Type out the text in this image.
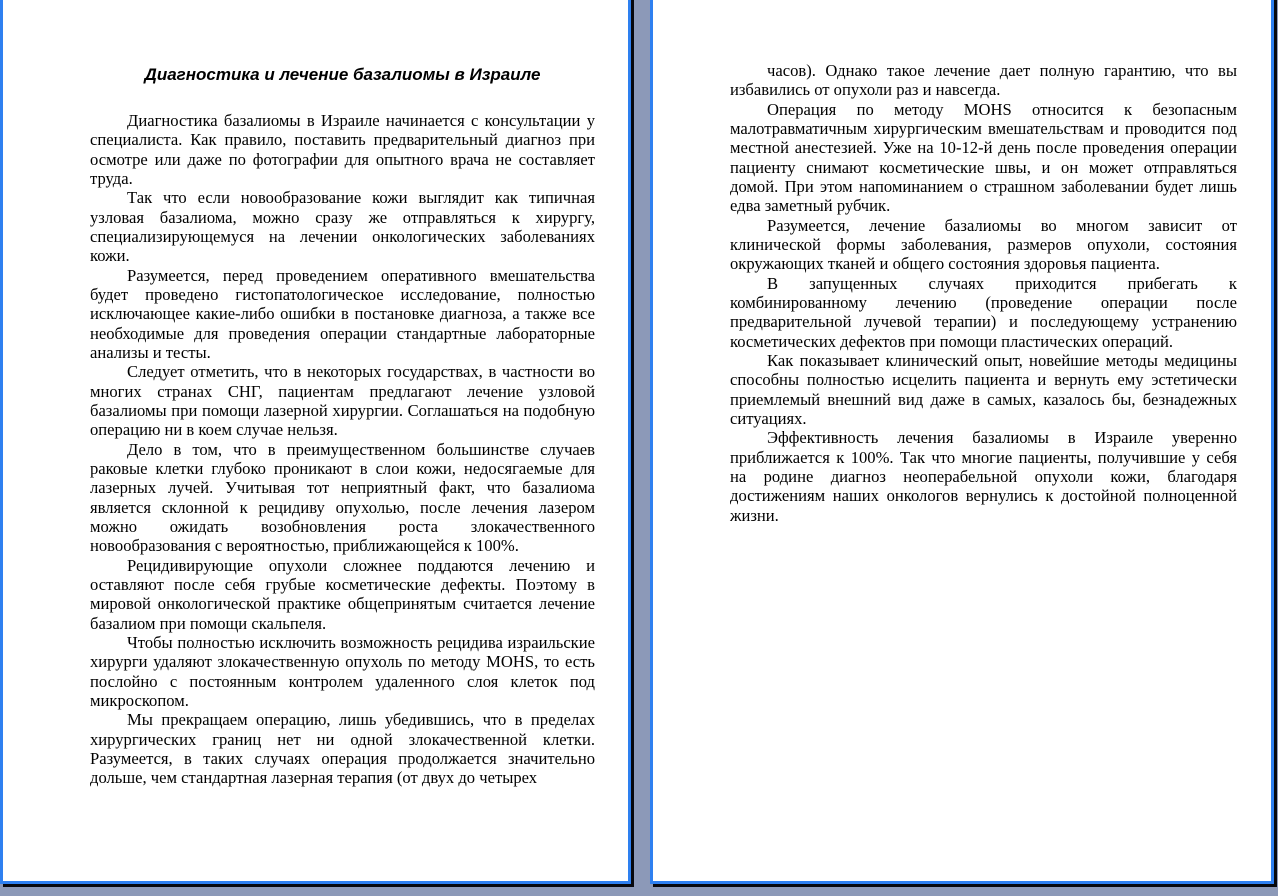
Диагностика и лечение базалиомы в Израиле

Диагностика базалиомы в Израиле начинается с консультации у специалиста. Как правило, поставить предварительный диагноз при осмотре или даже по фотографии для опытного врача не составляет труда.

Так что если новообразование кожи выглядит как типичная узловая базалиома, можно сразу же отправляться к хирургу, специализирующемуся на лечении онкологических заболеваниях кожи.

Разумеется, перед проведением оперативного вмешательства будет проведено гистопатологическое исследование, полностью исключающее какие-либо ошибки в постановке диагноза, а также все необходимые для проведения операции стандартные лабораторные анализы и тесты.

Следует отметить, что в некоторых государствах, в частности во многих странах СНГ, пациентам предлагают лечение узловой базалиомы при помощи лазерной хирургии. Соглашаться на подобную операцию ни в коем случае нельзя.

Дело в том, что в преимущественном большинстве случаев раковые клетки глубоко проникают в слои кожи, недосягаемые для лазерных лучей. Учитывая тот неприятный факт, что базалиома является склонной к рецидиву опухолью, после лечения лазером можно ожидать возобновления роста злокачественного новообразования с вероятностью, приближающейся к 100%.

Рецидивирующие опухоли сложнее поддаются лечению и оставляют после себя грубые косметические дефекты. Поэтому в мировой онкологической практике общепринятым считается лечение базалиом при помощи скальпеля.

Чтобы полностью исключить возможность рецидива израильские хирурги удаляют злокачественную опухоль по методу MOHS, то есть послойно с постоянным контролем удаленного слоя клеток под микроскопом.

Мы прекращаем операцию, лишь убедившись, что в пределах хирургических границ нет ни одной злокачественной клетки. Разумеется, в таких случаях операция продолжается значительно дольше, чем стандартная лазерная терапия (от двух до четырех

часов). Однако такое лечение дает полную гарантию, что вы избавились от опухоли раз и навсегда.

Операция по методу MOHS относится к безопасным малотравматичным хирургическим вмешательствам и проводится под местной анестезией. Уже на 10-12-й день после проведения операции пациенту снимают косметические швы, и он может отправляться домой. При этом напоминанием о страшном заболевании будет лишь едва заметный рубчик.

Разумеется, лечение базалиомы во многом зависит от клинической формы заболевания, размеров опухоли, состояния окружающих тканей и общего состояния здоровья пациента.

В запущенных случаях приходится прибегать к комбинированному лечению (проведение операции после предварительной лучевой терапии) и последующему устранению косметических дефектов при помощи пластических операций.

Как показывает клинический опыт, новейшие методы медицины способны полностью исцелить пациента и вернуть ему эстетически приемлемый внешний вид даже в самых, казалось бы, безнадежных ситуациях.

Эффективность лечения базалиомы в Израиле уверенно приближается к 100%. Так что многие пациенты, получившие у себя на родине диагноз неоперабельной опухоли кожи, благодаря достижениям наших онкологов вернулись к достойной полноценной жизни.
